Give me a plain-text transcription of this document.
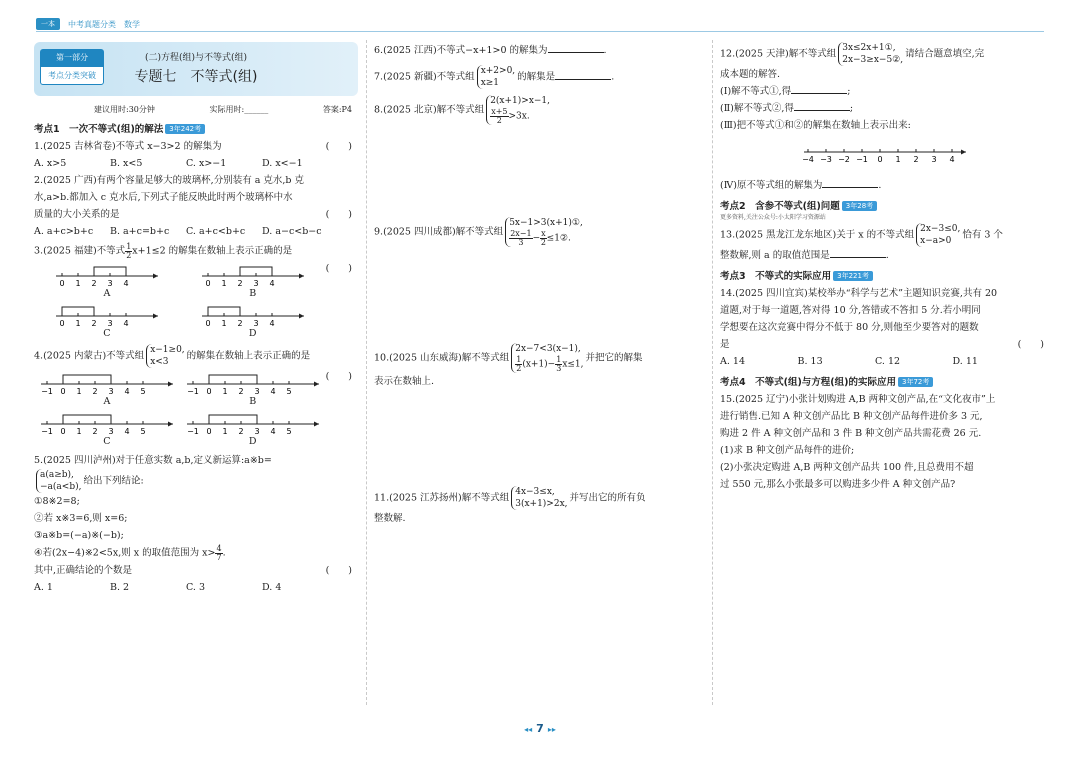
一本	中考真题分类 数学
第一部分
考点分类突破
(二)方程(组)与不等式(组)
专题七　不等式(组)
建议用时:30分钟	实际用时:______	答案:P4
考点1　一次不等式(组)的解法 3年242考

1.(2025 吉林省卷)不等式 x−3>2 的解集为	(　　)

A. x>5	B. x<5	C. x>−1	D. x<−1

2.(2025 广西)有两个容量足够大的玻璃杯,分别装有 a 克水,b 克
水,a>b.都加入 c 克水后,下列式子能反映此时两个玻璃杯中水
质量的大小关系的是	(　　)

A. a+c>b+c	B. a+c=b+c	C. a+c<b+c	D. a−c<b−c

3.(2025 福建)不等式$\frac{1}{2}x+1\le 2$ 的解集在数轴上表示正确的是

(　　)

0 1 2 3 4
A
0 1 2 3 4
B
0 1 2 3 4
C
0 1 2 3 4
D

4.(2025 内蒙古)不等式组x−1≥0,
x<3的解集在数轴上表示正确的是

(　　)

−1 0 1 2 3 4 5
A
−1 0 1 2 3 4 5
B
−1 0 1 2 3 4 5
C
−1 0 1 2 3 4 5
D

5.(2025 四川泸州)对于任意实数 a,b,定义新运算:a※b=
a(a≥b),
−a(a<b),给出下列结论:
①8※2=8;
②若 x※3=6,则 x=6;
③a※b=(−a)※(−b);
④若(2x−4)※2<5x,则 x 的取值范围为 $x>\frac{4}{7}$.
其中,正确结论的个数是	(　　)

A. 1	B. 2	C. 3	D. 4

6.(2025 江西)不等式−x+1>0 的解集为	.

7.(2025 新疆)不等式组x+2>0,
x≥1的解集是	.

8.(2025 北京)解不等式组2(x+1)>x−1,
$\frac{x+5}{2}>3x$.

9.(2025 四川成都)解不等式组5x−1>3(x+1)①,
$\frac{2x-1}{3}-\frac{x}{2}\le 1②$.

10.(2025 山东威海)解不等式组2x−7<3(x−1),
$\frac{1}{2}(x+1)-\frac{1}{3}x\le 1$,并把它的解集
表示在数轴上.

11.(2025 江苏扬州)解不等式组4x−3≤x,
3(x+1)>2x,并写出它的所有负
整数解.

12.(2025 天津)解不等式组3x≤2x+1①,
2x−3≥x−5②,请结合题意填空,完
成本题的解答.
(Ⅰ)解不等式①,得	;
(Ⅱ)解不等式②,得	;
(Ⅲ)把不等式①和②的解集在数轴上表示出来:

−4 −3 −2 −1 0 1 2 3 4

(Ⅳ)原不等式组的解集为	.

考点2　含参不等式(组)问题 3年28考
更多资料,关注公众号:小太阳学习资源站

13.(2025 黑龙江龙东地区)关于 x 的不等式组2x−3≤0,
x−a>0恰有 3 个
整数解,则 a 的取值范围是	.

考点3　不等式的实际应用 3年221考

14.(2025 四川宜宾)某校举办“科学与艺术”主题知识竞赛,共有 20
道题,对于每一道题,答对得 10 分,答错或不答扣 5 分.若小明同
学想要在这次竞赛中得分不低于 80 分,则他至少要答对的题数
是	(　　)

A. 14	B. 13	C. 12	D. 11
考点4　不等式(组)与方程(组)的实际应用 3年72考

15.(2025 辽宁)小张计划购进 A,B 两种文创产品,在“文化夜市”上
进行销售.已知 A 种文创产品比 B 种文创产品每件进价多 3 元,
购进 2 件 A 种文创产品和 3 件 B 种文创产品共需花费 26 元.
(1)求 B 种文创产品每件的进价;
(2)小张决定购进 A,B 两种文创产品共 100 件,且总费用不超
过 550 元,那么小张最多可以购进多少件 A 种文创产品?

◂◂ 7 ▸▸
